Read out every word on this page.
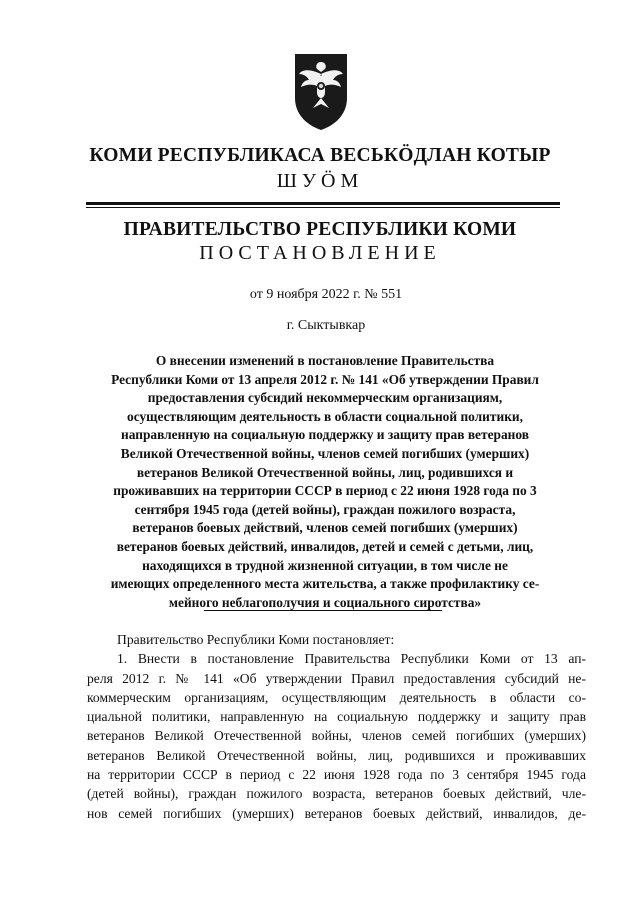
КОМИ РЕСПУБЛИКАСА ВЕСЬКӦДЛАН КОТЫР
ШУӦМ
ПРАВИТЕЛЬСТВО РЕСПУБЛИКИ КОМИ
ПОСТАНОВЛЕНИЕ
от 9 ноября 2022 г. № 551
г. Сыктывкар
О внесении изменений в постановление Правительства
Республики Коми от 13 апреля 2012 г. № 141 «Об утверждении Правил
предоставления субсидий некоммерческим организациям,
осуществляющим деятельность в области социальной политики,
направленную на социальную поддержку и защиту прав ветеранов
Великой Отечественной войны, членов семей погибших (умерших)
ветеранов Великой Отечественной войны, лиц, родившихся и
проживавших на территории СССР в период с 22 июня 1928 года по 3
сентября 1945 года (детей войны), граждан пожилого возраста,
ветеранов боевых действий, членов семей погибших (умерших)
ветеранов боевых действий, инвалидов, детей и семей с детьми, лиц,
находящихся в трудной жизненной ситуации, в том числе не
имеющих определенного места жительства, а также профилактику се-
мейного неблагополучия и социального сиротства»
Правительство Республики Коми постановляет:
1. Внести в постановление Правительства Республики Коми от 13 ап-
реля 2012 г. № 141 «Об утверждении Правил предоставления субсидий не-
коммерческим организациям, осуществляющим деятельность в области со-
циальной политики, направленную на социальную поддержку и защиту прав
ветеранов Великой Отечественной войны, членов семей погибших (умерших)
ветеранов Великой Отечественной войны, лиц, родившихся и проживавших
на территории СССР в период с 22 июня 1928 года по 3 сентября 1945 года
(детей войны), граждан пожилого возраста, ветеранов боевых действий, чле-
нов семей погибших (умерших) ветеранов боевых действий, инвалидов, де-
